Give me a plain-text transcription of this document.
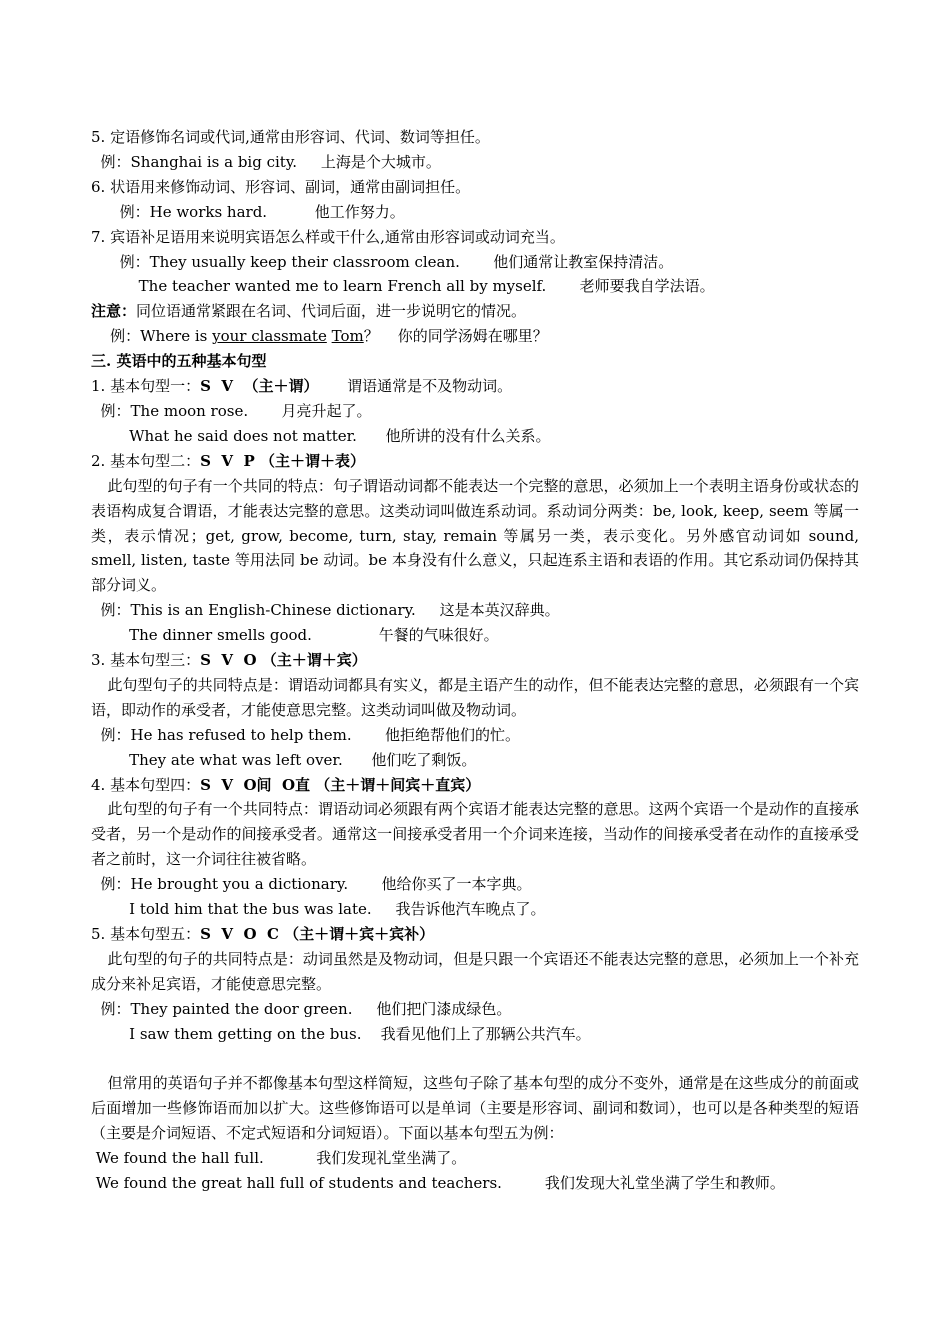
5. 定语修饰名词或代词,通常由形容词、代词、数词等担任。
例：Shanghai is a big city.     上海是个大城市。
6. 状语用来修饰动词、形容词、副词，通常由副词担任。
例：He works hard.          他工作努力。
7. 宾语补足语用来说明宾语怎么样或干什么,通常由形容词或动词充当。
例：They usually keep their classroom clean.       他们通常让教室保持清洁。
The teacher wanted me to learn French all by myself.       老师要我自学法语。
注意：同位语通常紧跟在名词、代词后面，进一步说明它的情况。
例：Where is your classmate Tom？    你的同学汤姆在哪里？
三. 英语中的五种基本句型
1. 基本句型一：S  V  （主＋谓）      谓语通常是不及物动词。
例：The moon rose.       月亮升起了。
What he said does not matter.      他所讲的没有什么关系。
2. 基本句型二：S  V  P （主＋谓＋表）
此句型的句子有一个共同的特点：句子谓语动词都不能表达一个完整的意思，必须加上一个表明主语身份或状态的表语构成复合谓语，才能表达完整的意思。这类动词叫做连系动词。系动词分两类：be, look, keep, seem 等属一类，表示情况；get, grow, become, turn, stay, remain 等属另一类，表示变化。另外感官动词如 sound, smell, listen, taste 等用法同 be 动词。be 本身没有什么意义，只起连系主语和表语的作用。其它系动词仍保持其部分词义。
例：This is an English-Chinese dictionary.     这是本英汉辞典。
The dinner smells good.              午餐的气味很好。
3. 基本句型三：S  V  O （主＋谓＋宾）
此句型句子的共同特点是：谓语动词都具有实义，都是主语产生的动作，但不能表达完整的意思，必须跟有一个宾语，即动作的承受者，才能使意思完整。这类动词叫做及物动词。
例：He has refused to help them.       他拒绝帮他们的忙。
They ate what was left over.      他们吃了剩饭。
4. 基本句型四：S  V  O间  O直 （主＋谓＋间宾＋直宾）
此句型的句子有一个共同特点：谓语动词必须跟有两个宾语才能表达完整的意思。这两个宾语一个是动作的直接承受者，另一个是动作的间接承受者。通常这一间接承受者用一个介词来连接，当动作的间接承受者在动作的直接承受者之前时，这一介词往往被省略。
例：He brought you a dictionary.       他给你买了一本字典。
I told him that the bus was late.     我告诉他汽车晚点了。
5. 基本句型五：S  V  O  C （主＋谓＋宾＋宾补）
此句型的句子的共同特点是：动词虽然是及物动词，但是只跟一个宾语还不能表达完整的意思，必须加上一个补充成分来补足宾语，才能使意思完整。
例：They painted the door green.     他们把门漆成绿色。
I saw them getting on the bus.    我看见他们上了那辆公共汽车。
但常用的英语句子并不都像基本句型这样简短，这些句子除了基本句型的成分不变外，通常是在这些成分的前面或后面增加一些修饰语而加以扩大。这些修饰语可以是单词（主要是形容词、副词和数词），也可以是各种类型的短语（主要是介词短语、不定式短语和分词短语）。下面以基本句型五为例：
We found the hall full.           我们发现礼堂坐满了。
We found the great hall full of students and teachers.         我们发现大礼堂坐满了学生和教师。
